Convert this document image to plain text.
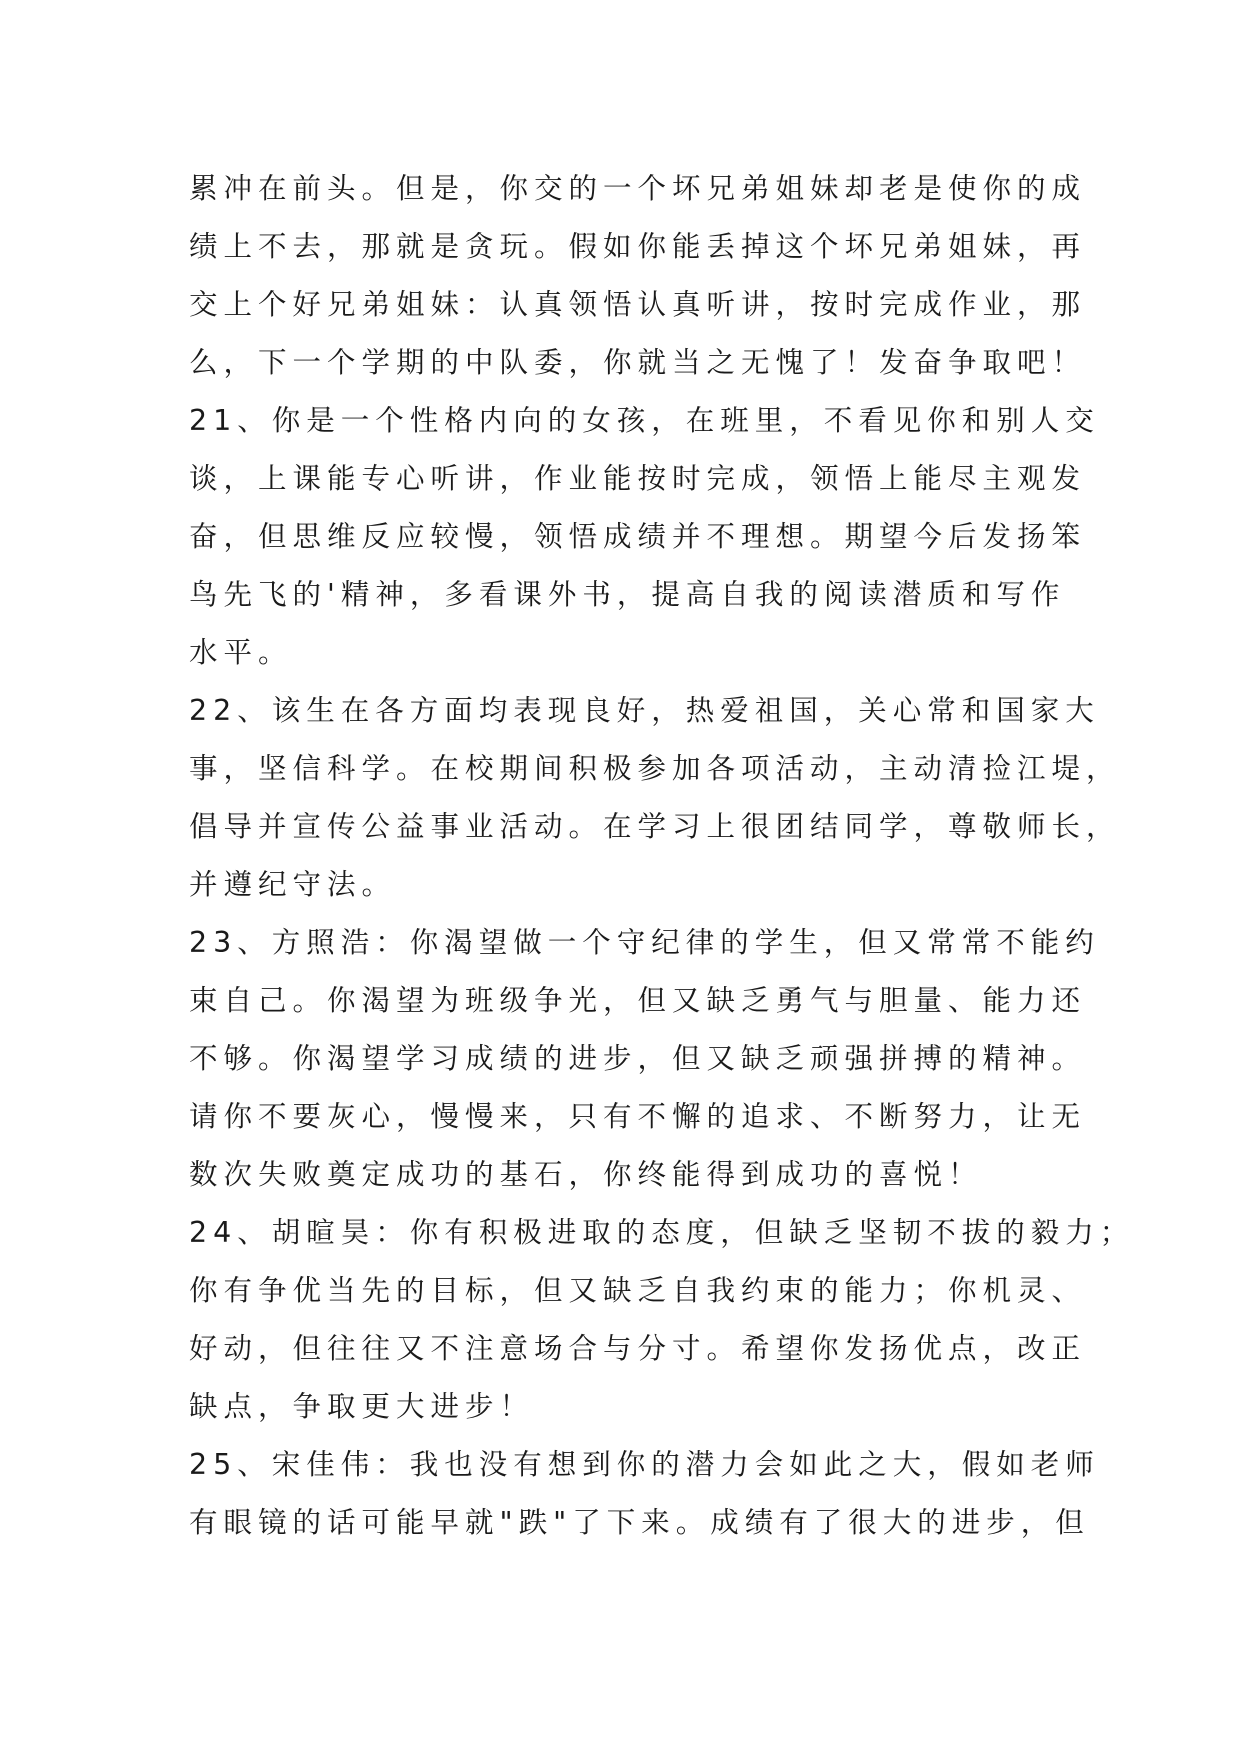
累冲在前头。但是，你交的一个坏兄弟姐妹却老是使你的成
绩上不去，那就是贪玩。假如你能丢掉这个坏兄弟姐妹，再
交上个好兄弟姐妹：认真领悟认真听讲，按时完成作业，那
么，下一个学期的中队委，你就当之无愧了！发奋争取吧！
21、你是一个性格内向的女孩，在班里，不看见你和别人交
谈，上课能专心听讲，作业能按时完成，领悟上能尽主观发
奋，但思维反应较慢，领悟成绩并不理想。期望今后发扬笨
鸟先飞的'精神，多看课外书，提高自我的阅读潜质和写作
水平。
22、该生在各方面均表现良好，热爱祖国，关心常和国家大
事，坚信科学。在校期间积极参加各项活动，主动清捡江堤，
倡导并宣传公益事业活动。在学习上很团结同学，尊敬师长，
并遵纪守法。
23、方照浩：你渴望做一个守纪律的学生，但又常常不能约
束自己。你渴望为班级争光，但又缺乏勇气与胆量、能力还
不够。你渴望学习成绩的进步，但又缺乏顽强拼搏的精神。
请你不要灰心，慢慢来，只有不懈的追求、不断努力，让无
数次失败奠定成功的基石，你终能得到成功的喜悦！
24、胡暄昊：你有积极进取的态度，但缺乏坚韧不拔的毅力；
你有争优当先的目标，但又缺乏自我约束的能力；你机灵、
好动，但往往又不注意场合与分寸。希望你发扬优点，改正
缺点，争取更大进步！
25、宋佳伟：我也没有想到你的潜力会如此之大，假如老师
有眼镜的话可能早就"跌"了下来。成绩有了很大的进步，但
